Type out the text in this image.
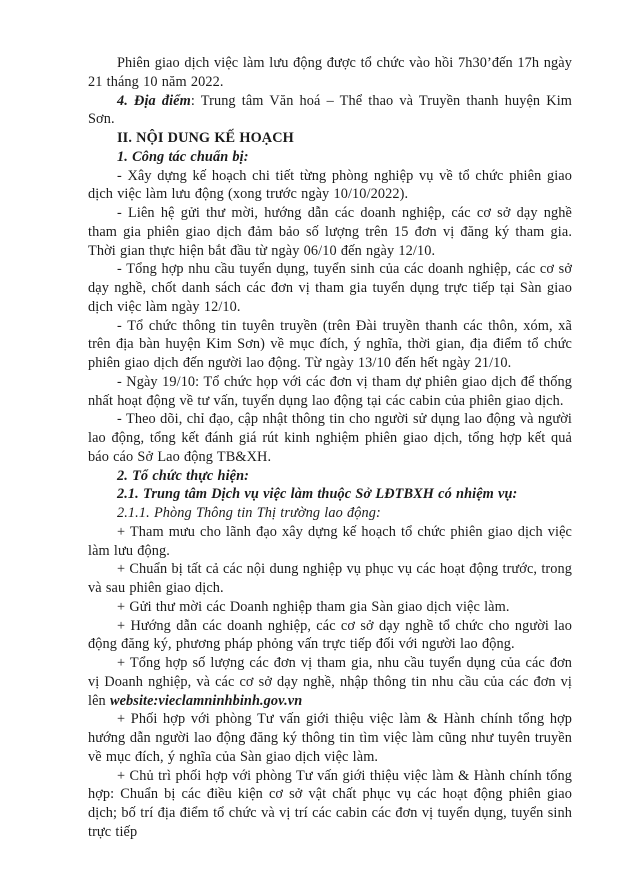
Phiên giao dịch việc làm lưu động được tổ chức vào hồi 7h30’đến 17h ngày 21 tháng 10 năm 2022.

4. Địa điểm: Trung tâm Văn hoá – Thể thao và Truyền thanh huyện Kim Sơn.

II. NỘI DUNG KẾ HOẠCH

1. Công tác chuẩn bị:

- Xây dựng kế hoạch chi tiết từng phòng nghiệp vụ về tổ chức phiên giao dịch việc làm lưu động (xong trước ngày 10/10/2022).

- Liên hệ gửi thư mời, hướng dẫn các doanh nghiệp, các cơ sở dạy nghề tham gia phiên giao dịch đảm bảo số lượng trên 15 đơn vị đăng ký tham gia. Thời gian thực hiện bắt đầu từ ngày 06/10 đến ngày 12/10.

- Tổng hợp nhu cầu tuyển dụng, tuyển sinh của các doanh nghiệp, các cơ sở dạy nghề, chốt danh sách các đơn vị tham gia tuyển dụng trực tiếp tại Sàn giao dịch việc làm ngày 12/10.

- Tổ chức thông tin tuyên truyền (trên Đài truyền thanh các thôn, xóm, xã trên địa bàn huyện Kim Sơn) về mục đích, ý nghĩa, thời gian, địa điểm tổ chức phiên giao dịch đến người lao động. Từ ngày 13/10 đến hết ngày 21/10.

- Ngày 19/10: Tổ chức họp với các đơn vị tham dự phiên giao dịch để thống nhất hoạt động về tư vấn, tuyển dụng lao động tại các cabin của phiên giao dịch.

- Theo dõi, chỉ đạo, cập nhật thông tin cho người sử dụng lao động và người lao động, tổng kết đánh giá rút kinh nghiệm phiên giao dịch, tổng hợp kết quả báo cáo Sở Lao động TB&XH.

2. Tổ chức thực hiện:

2.1. Trung tâm Dịch vụ việc làm thuộc Sở LĐTBXH có nhiệm vụ:

2.1.1. Phòng Thông tin Thị trường lao động:

+ Tham mưu cho lãnh đạo xây dựng kế hoạch tổ chức phiên giao dịch việc làm lưu động.

+ Chuẩn bị tất cả các nội dung nghiệp vụ phục vụ các hoạt động trước, trong và sau phiên giao dịch.

+ Gửi thư mời các Doanh nghiệp tham gia Sàn giao dịch việc làm.

+ Hướng dẫn các doanh nghiệp, các cơ sở dạy nghề tổ chức cho người lao động đăng ký, phương pháp phỏng vấn trực tiếp đối với người lao động.

+ Tổng hợp số lượng các đơn vị tham gia, nhu cầu tuyển dụng của các đơn vị Doanh nghiệp, và các cơ sở dạy nghề, nhập thông tin nhu cầu của các đơn vị lên website:vieclamninhbinh.gov.vn

+ Phối hợp với phòng Tư vấn giới thiệu việc làm & Hành chính tổng hợp hướng dẫn người lao động đăng ký thông tin tìm việc làm cũng như tuyên truyền về mục đích, ý nghĩa của Sàn giao dịch việc làm.

+ Chủ trì phối hợp với phòng Tư vấn giới thiệu việc làm & Hành chính tổng hợp: Chuẩn bị các điều kiện cơ sở vật chất phục vụ các hoạt động phiên giao dịch; bố trí địa điểm tổ chức và vị trí các cabin các đơn vị tuyển dụng, tuyển sinh trực tiếp
